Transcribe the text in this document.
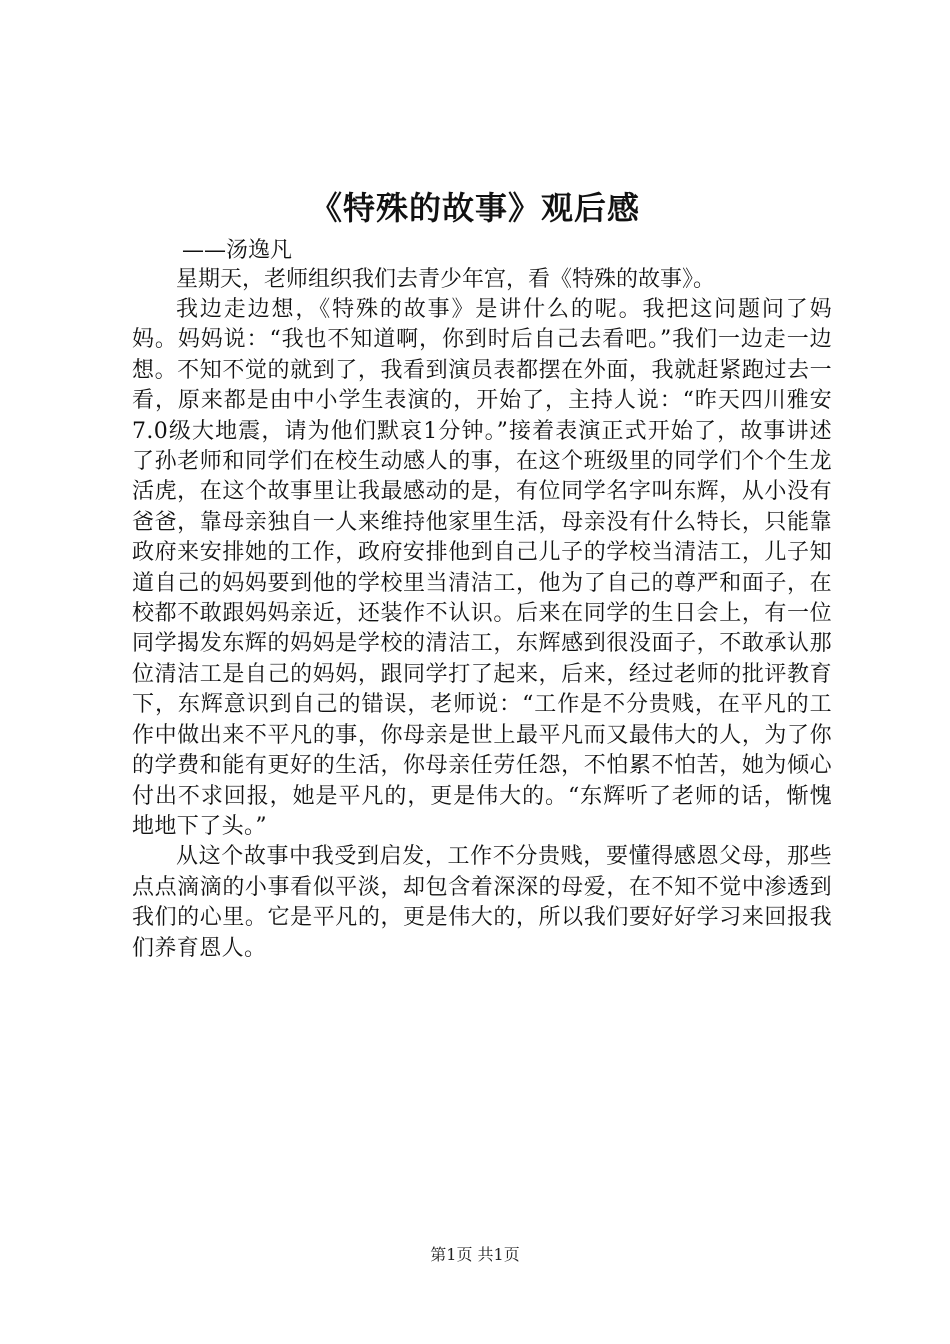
《特殊的故事》观后感

——汤逸凡

星期天，老师组织我们去青少年宫，看《特殊的故事》。

我边走边想，《特殊的故事》是讲什么的呢。我把这问题问了妈妈。妈妈说：“我也不知道啊，你到时后自己去看吧。”我们一边走一边想。不知不觉的就到了，我看到演员表都摆在外面，我就赶紧跑过去一看，原来都是由中小学生表演的，开始了，主持人说：“昨天四川雅安7.0级大地震，请为他们默哀1分钟。”接着表演正式开始了，故事讲述了孙老师和同学们在校生动感人的事，在这个班级里的同学们个个生龙活虎，在这个故事里让我最感动的是，有位同学名字叫东辉，从小没有爸爸，靠母亲独自一人来维持他家里生活，母亲没有什么特长，只能靠政府来安排她的工作，政府安排他到自己儿子的学校当清洁工，儿子知道自己的妈妈要到他的学校里当清洁工，他为了自己的尊严和面子，在校都不敢跟妈妈亲近，还装作不认识。后来在同学的生日会上，有一位同学揭发东辉的妈妈是学校的清洁工，东辉感到很没面子，不敢承认那位清洁工是自己的妈妈，跟同学打了起来，后来，经过老师的批评教育下，东辉意识到自己的错误，老师说：“工作是不分贵贱，在平凡的工作中做出来不平凡的事，你母亲是世上最平凡而又最伟大的人，为了你的学费和能有更好的生活，你母亲任劳任怨，不怕累不怕苦，她为倾心付出不求回报，她是平凡的，更是伟大的。“东辉听了老师的话，惭愧地地下了头。”

从这个故事中我受到启发，工作不分贵贱，要懂得感恩父母，那些点点滴滴的小事看似平淡，却包含着深深的母爱，在不知不觉中渗透到我们的心里。它是平凡的，更是伟大的，所以我们要好好学习来回报我们养育恩人。

第1页 共1页
